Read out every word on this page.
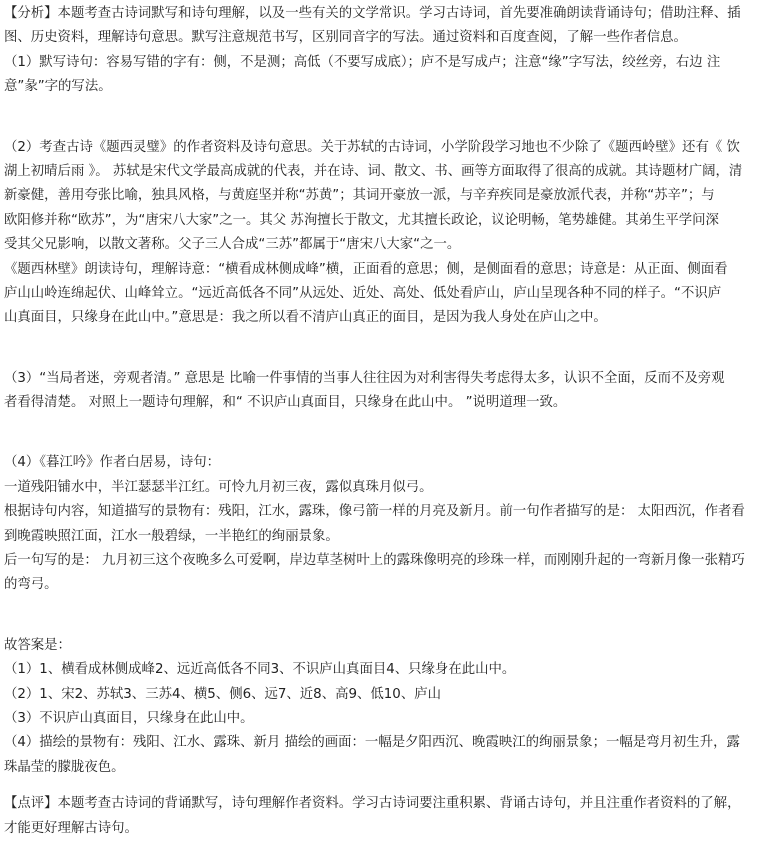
【分析】本题考查古诗词默写和诗句理解，以及一些有关的文学常识。学习古诗词，首先要准确朗读背诵诗句；借助注释、插
图、历史资料，理解诗句意思。默写注意规范书写，区别同音字的写法。通过资料和百度查阅，了解一些作者信息。
（1）默写诗句：容易写错的字有：侧，不是测；高低（不要写成底）；庐不是写成卢；注意“缘”字写法，绞丝旁，右边 注
意”彖”字的写法。
（2）考查古诗《题西灵璧》的作者资料及诗句意思。关于苏轼的古诗词，小学阶段学习地也不少除了《题西岭壁》还有《 饮
湖上初晴后雨 》。 苏轼是宋代文学最高成就的代表，并在诗、词、散文、书、画等方面取得了很高的成就。其诗题材广阔，清
新豪健，善用夸张比喻，独具风格，与黄庭坚并称“苏黄”；其词开豪放一派，与辛弃疾同是豪放派代表，并称“苏辛”；与
欧阳修并称“欧苏”，为“唐宋八大家”之一。其父 苏洵擅长于散文，尤其擅长政论，议论明畅，笔势雄健。其弟生平学问深
受其父兄影响，以散文著称。父子三人合成“三苏”都属于“唐宋八大家“之一。
《题西林壁》朗读诗句，理解诗意：“横看成林侧成峰”横，正面看的意思；侧，是侧面看的意思；诗意是：从正面、侧面看
庐山山岭连绵起伏、山峰耸立。“远近高低各不同”从远处、近处、高处、低处看庐山，庐山呈现各种不同的样子。“不识庐
山真面目，只缘身在此山中。”意思是：我之所以看不清庐山真正的面目，是因为我人身处在庐山之中。
（3）“当局者迷，旁观者清。” 意思是 比喻一件事情的当事人往往因为对利害得失考虑得太多，认识不全面，反而不及旁观
者看得清楚。 对照上一题诗句理解，和“ 不识庐山真面目，只缘身在此山中。 ”说明道理一致。
（4）《暮江吟》作者白居易，诗句：
一道残阳铺水中，半江瑟瑟半江红。可怜九月初三夜，露似真珠月似弓。
根据诗句内容，知道描写的景物有：残阳，江水，露珠，像弓箭一样的月亮及新月。前一句作者描写的是： 太阳西沉，作者看
到晚霞映照江面，江水一般碧绿，一半艳红的绚丽景象。
后一句写的是： 九月初三这个夜晚多么可爱啊，岸边草茎树叶上的露珠像明亮的珍珠一样，而刚刚升起的一弯新月像一张精巧
的弯弓。
故答案是：
（1）1、横看成林侧成峰2、远近高低各不同3、不识庐山真面目4、只缘身在此山中。
（2）1、宋2、苏轼3、三苏4、横5、侧6、远7、近8、高9、低10、庐山
（3）不识庐山真面目，只缘身在此山中。
（4）描绘的景物有：残阳、江水、露珠、新月 描绘的画面：一幅是夕阳西沉、晚霞映江的绚丽景象；一幅是弯月初生升，露
珠晶莹的朦胧夜色。
【点评】本题考查古诗词的背诵默写，诗句理解作者资料。学习古诗词要注重积累、背诵古诗句，并且注重作者资料的了解，
才能更好理解古诗句。
